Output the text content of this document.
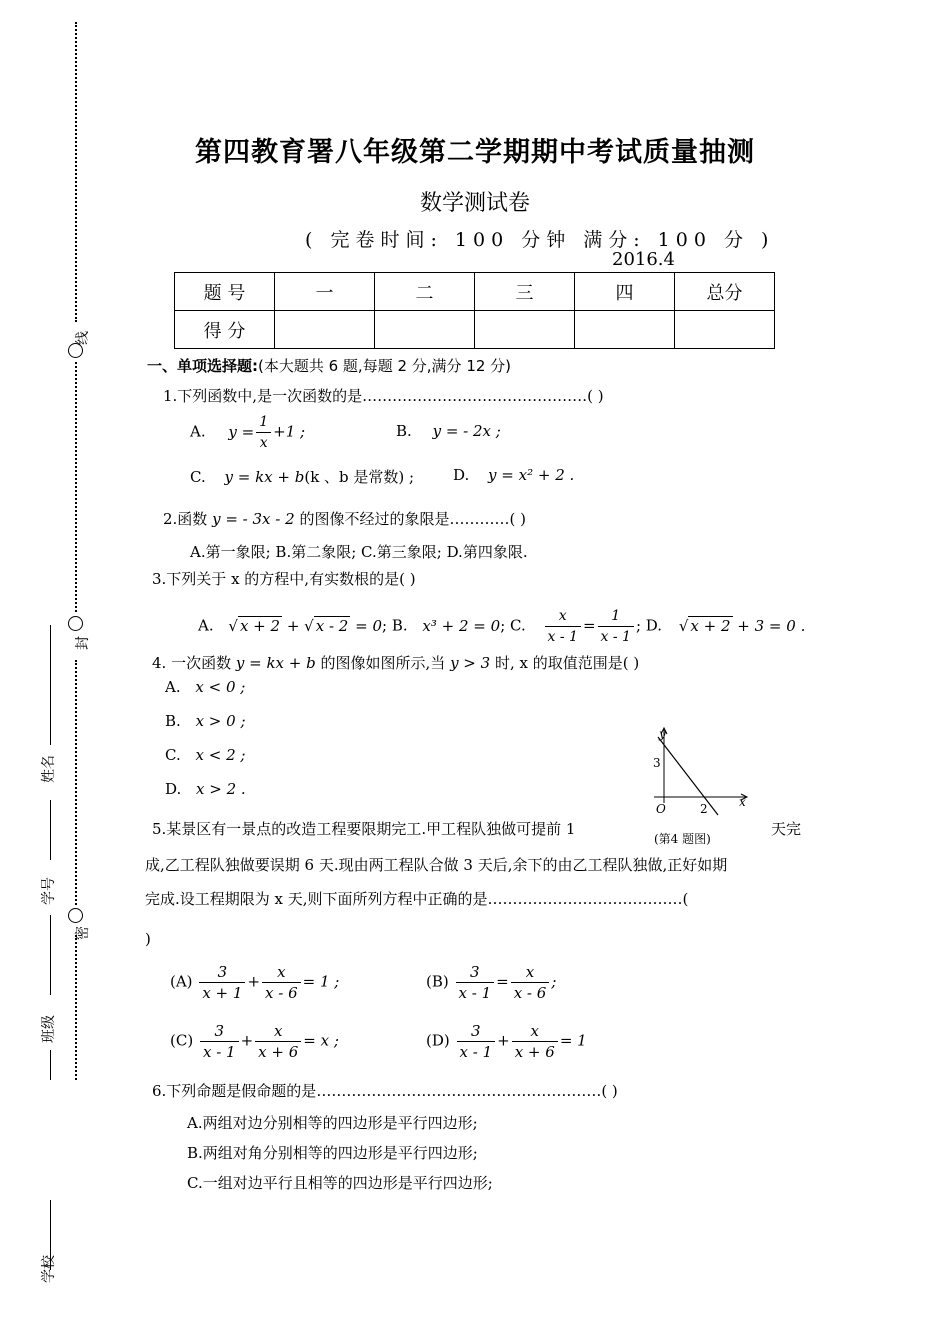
线
封
密
姓名
学号
班级
学校
第四教育署八年级第二学期期中考试质量抽测
数学测试卷
( 完卷时间: 100 分钟 满分: 100 分 )
2016.4
题 号	一	二	三	四	总分
得 分					
一、单项选择题:(本大题共 6 题,每题 2 分,满分 12 分)
1.下列函数中,是一次函数的是………………………………………( )
A. $y = \frac{1}{x} +1$ ;	B. y = - 2x ;
C. y = kx + b(k 、b 是常数) ;	D. y = x² + 2 .
2.函数 y = - 3x - 2 的图像不经过的象限是…………( )
A.第一象限; B.第二象限; C.第三象限; D.第四象限.
3.下列关于 x 的方程中,有实数根的是( )
A. √ x + 2 + √ x - 2 = 0; B. x³ + 2 = 0; C. $\frac{x}{x - 1} = \frac{1}{x - 1}$ ; D. √ x + 2 + 3 = 0 .
4. 一次函数 y = kx + b 的图像如图所示,当 y > 3 时, x 的取值范围是( )
A. x < 0 ;
B. x > 0 ;
C. x < 2 ;
D. x > 2 .
y
x
O
3
2
(第4 题图)
5.某景区有一景点的改造工程要限期完工.甲工程队独做可提前 1	天完
成,乙工程队独做要误期 6 天.现由两工程队合做 3 天后,余下的由乙工程队独做,正好如期
完成.设工程期限为 x 天,则下面所列方程中正确的是…………………………………(
)
$(A) \frac{3}{x + 1} + \frac{x}{x - 6} = 1$ ;	$(B) \frac{3}{x - 1} = \frac{x}{x - 6}$ ;
$(C) \frac{3}{x - 1} + \frac{x}{x + 6} = x$ ;	$(D) \frac{3}{x - 1} + \frac{x}{x + 6} = 1$
6.下列命题是假命题的是…………………………………………………( )
A.两组对边分别相等的四边形是平行四边形;
B.两组对角分别相等的四边形是平行四边形;
C.一组对边平行且相等的四边形是平行四边形;
